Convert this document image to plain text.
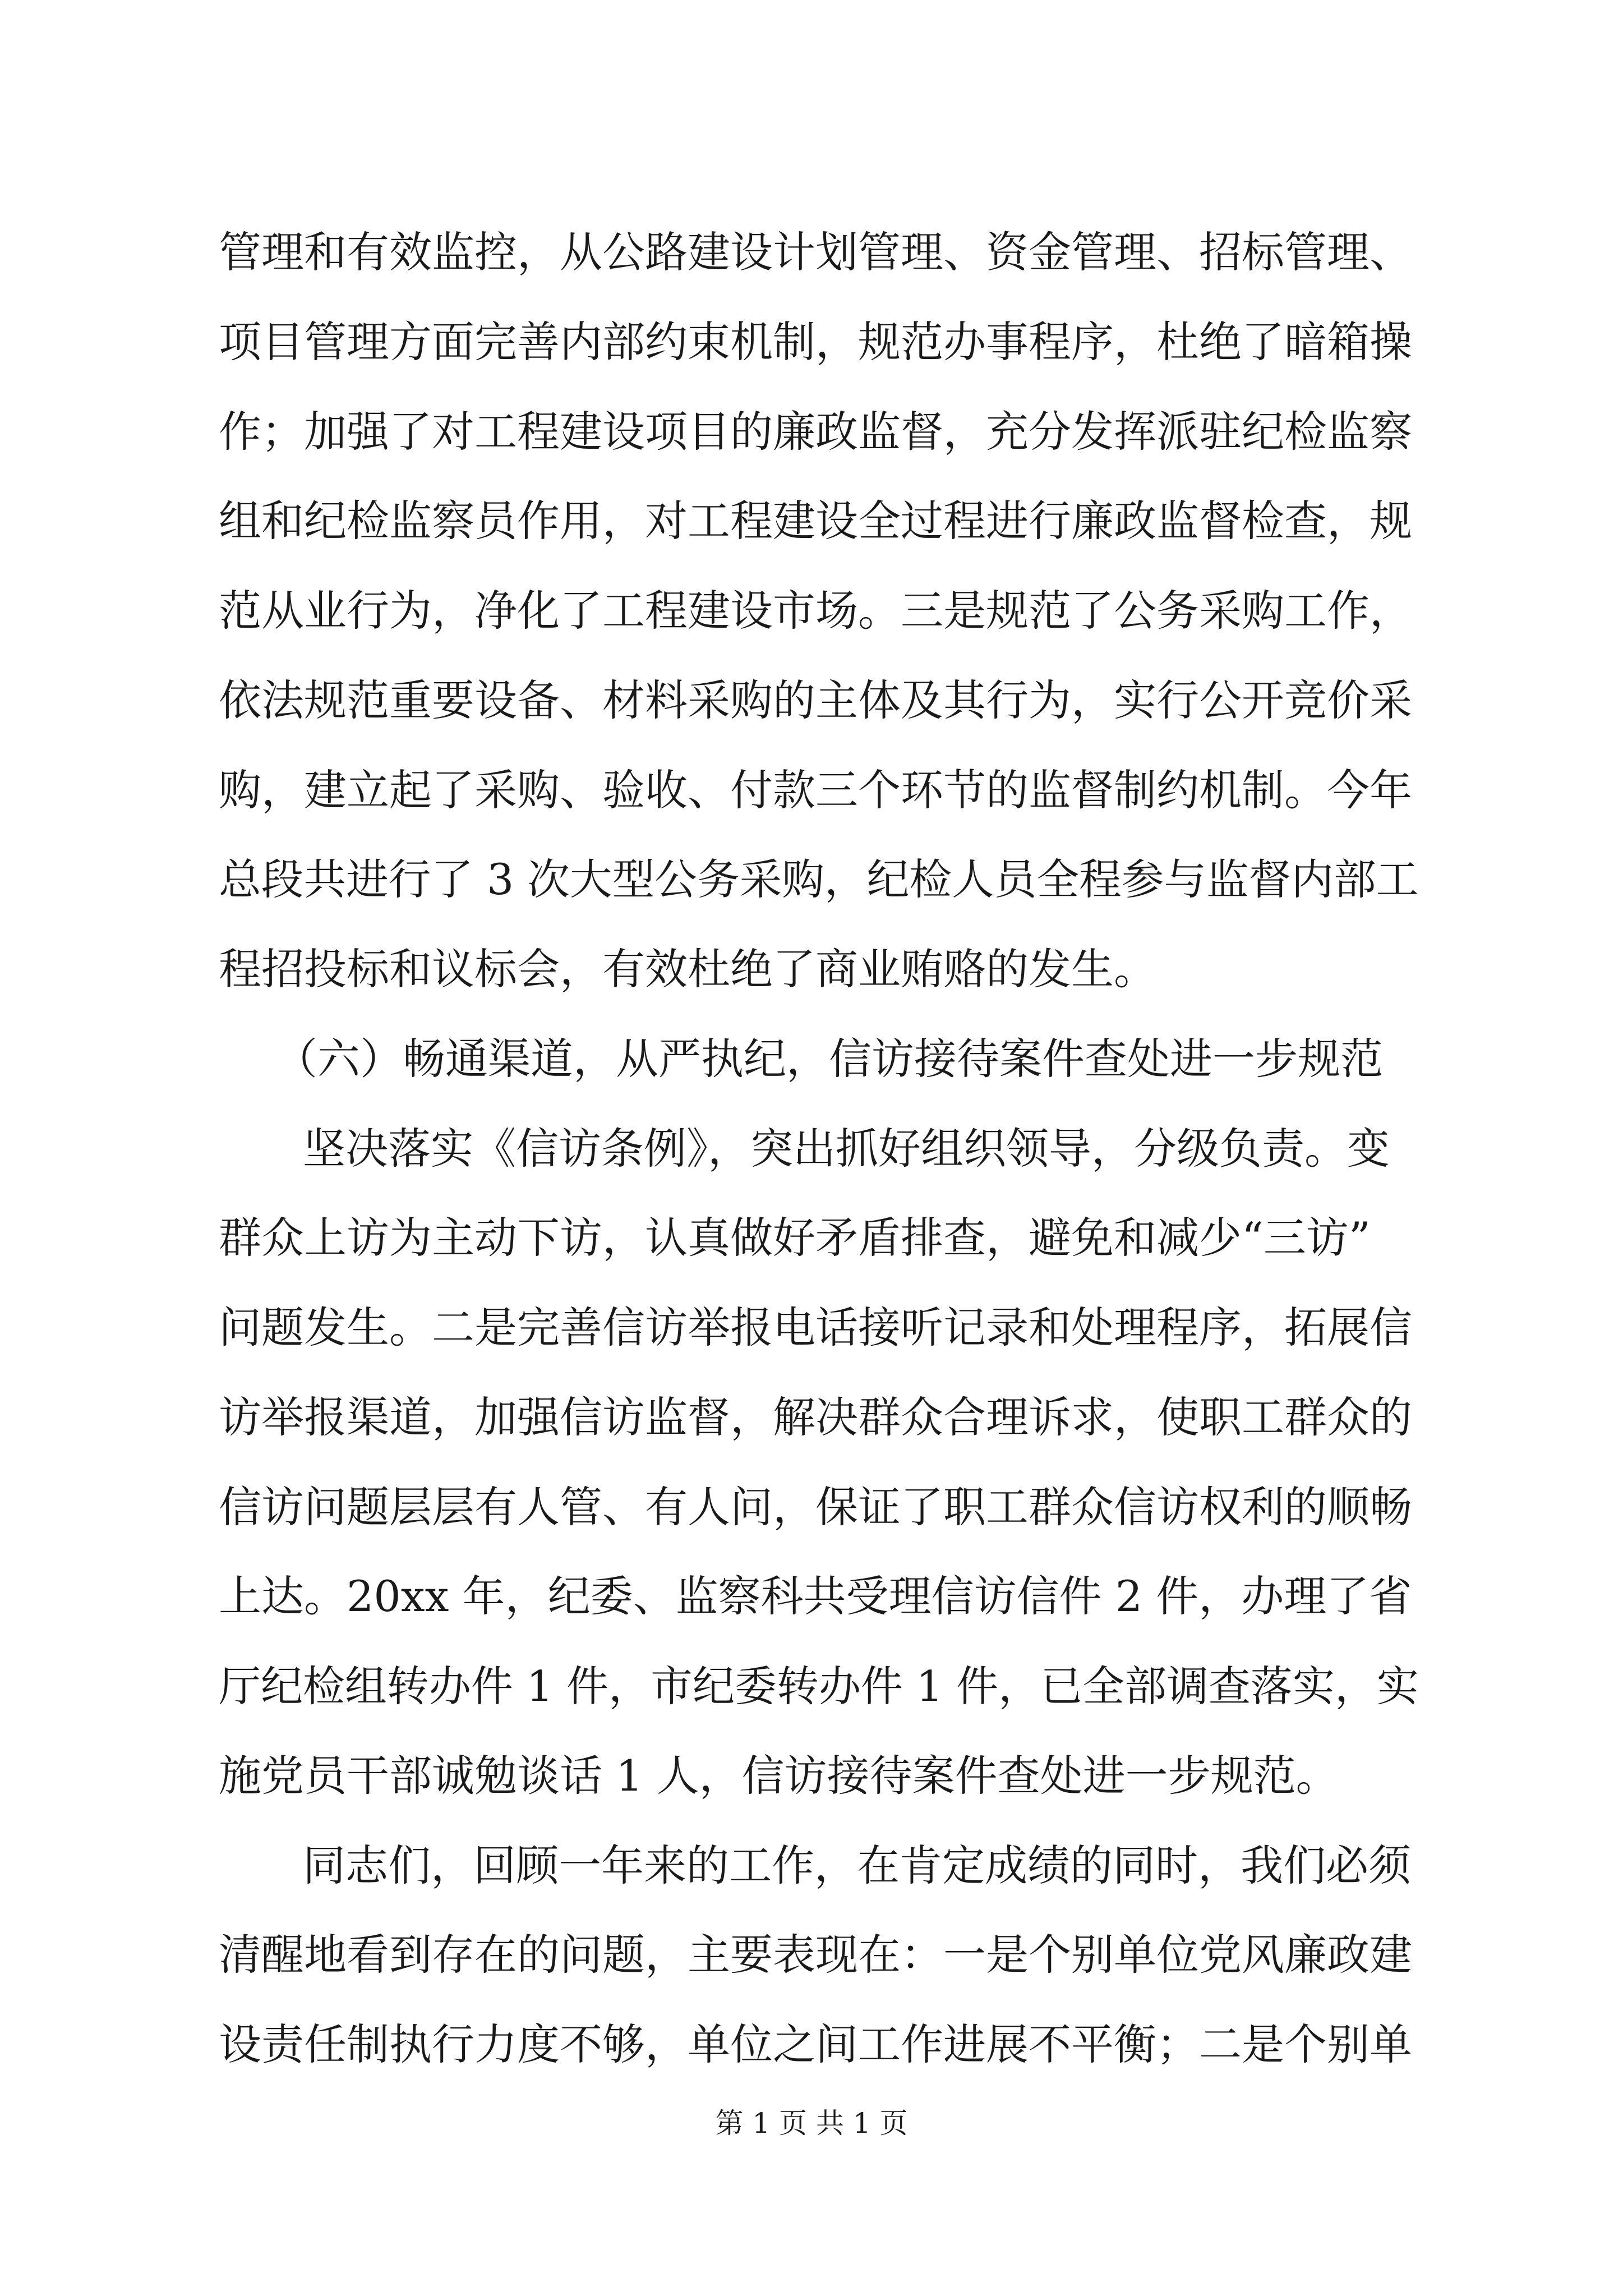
管理和有效监控，从公路建设计划管理、资金管理、招标管理、
项目管理方面完善内部约束机制，规范办事程序，杜绝了暗箱操
作；加强了对工程建设项目的廉政监督，充分发挥派驻纪检监察
组和纪检监察员作用，对工程建设全过程进行廉政监督检查，规
范从业行为，净化了工程建设市场。三是规范了公务采购工作，
依法规范重要设备、材料采购的主体及其行为，实行公开竞价采
购，建立起了采购、验收、付款三个环节的监督制约机制。今年
总段共进行了 3 次大型公务采购，纪检人员全程参与监督内部工
程招投标和议标会，有效杜绝了商业贿赂的发生。
（六）畅通渠道，从严执纪，信访接待案件查处进一步规范
坚决落实《信访条例》，突出抓好组织领导，分级负责。变
群众上访为主动下访，认真做好矛盾排查，避免和减少“三访”
问题发生。二是完善信访举报电话接听记录和处理程序，拓展信
访举报渠道，加强信访监督，解决群众合理诉求，使职工群众的
信访问题层层有人管、有人问，保证了职工群众信访权利的顺畅
上达。20xx 年，纪委、监察科共受理信访信件 2 件，办理了省
厅纪检组转办件 1 件，市纪委转办件 1 件，已全部调查落实，实
施党员干部诚勉谈话 1 人，信访接待案件查处进一步规范。
同志们，回顾一年来的工作，在肯定成绩的同时，我们必须
清醒地看到存在的问题，主要表现在：一是个别单位党风廉政建
设责任制执行力度不够，单位之间工作进展不平衡；二是个别单
第 1 页 共 1 页
